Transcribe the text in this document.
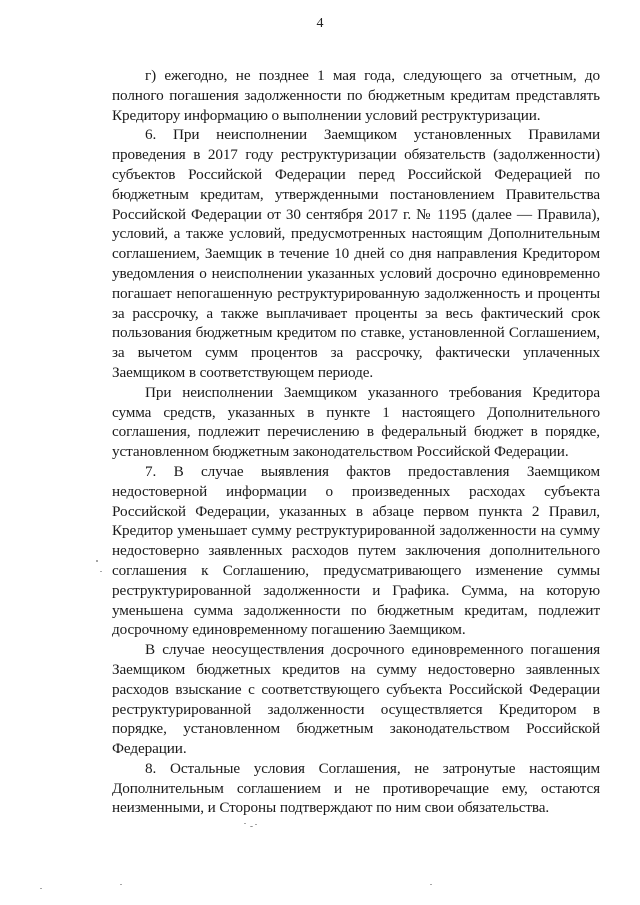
4

г) ежегодно, не позднее 1 мая года, следующего за отчетным, до полного погашения задолженности по бюджетным кредитам представлять Кредитору информацию о выполнении условий реструктуризации.

6. При неисполнении Заемщиком установленных Правилами проведения в 2017 году реструктуризации обязательств (задолженности) субъектов Российской Федерации перед Российской Федерацией по бюджетным кредитам, утвержденными постановлением Правительства Российской Федерации от 30 сентября 2017 г. № 1195 (далее — Правила), условий, а также условий, предусмотренных настоящим Дополнительным соглашением, Заемщик в течение 10 дней со дня направления Кредитором уведомления о неисполнении указанных условий досрочно единовременно погашает непогашенную реструктурированную задолженность и проценты за рассрочку, а также выплачивает проценты за весь фактический срок пользования бюджетным кредитом по ставке, установленной Соглашением, за вычетом сумм процентов за рассрочку, фактически уплаченных Заемщиком в соответствующем периоде.

При неисполнении Заемщиком указанного требования Кредитора сумма средств, указанных в пункте 1 настоящего Дополнительного соглашения, подлежит перечислению в федеральный бюджет в порядке, установленном бюджетным законодательством Российской Федерации.

7. В случае выявления фактов предоставления Заемщиком недостоверной информации о произведенных расходах субъекта Российской Федерации, указанных в абзаце первом пункта 2 Правил, Кредитор уменьшает сумму реструктурированной задолженности на сумму недостоверно заявленных расходов путем заключения дополнительного соглашения к Соглашению, предусматривающего изменение суммы реструктурированной задолженности и Графика. Сумма, на которую уменьшена сумма задолженности по бюджетным кредитам, подлежит досрочному единовременному погашению Заемщиком.

В случае неосуществления досрочного единовременного погашения Заемщиком бюджетных кредитов на сумму недостоверно заявленных расходов взыскание с соответствующего субъекта Российской Федерации реструктурированной задолженности осуществляется Кредитором в порядке, установленном бюджетным законодательством Российской Федерации.

8. Остальные условия Соглашения, не затронутые настоящим Дополнительным соглашением и не противоречащие ему, остаются неизменными, и Стороны подтверждают по ним свои обязательства.
